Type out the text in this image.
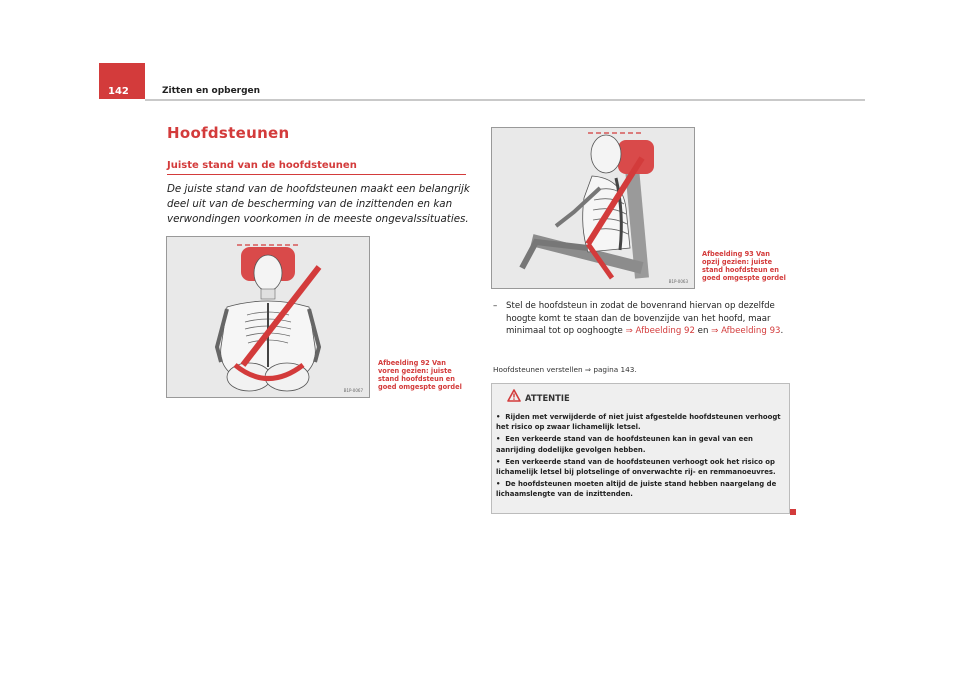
142	Zitten en opbergen
Hoofdsteunen
Juiste stand van de hoofdsteunen
De juiste stand van de hoofdsteunen maakt een belangrijk deel uit van de bescherming van de inzittenden en kan verwondingen voorkomen in de meeste ongevalssituaties.
B1P-0067
Afbeelding 92 Van voren gezien: juiste stand hoofdsteun en goed omgespte gordel
B1P-0063
Afbeelding 93 Van opzij gezien: juiste stand hoofdsteun en goed omgespte gordel
– Stel de hoofdsteun in zodat de bovenrand hiervan op dezelfde hoogte komt te staan dan de bovenzijde van het hoofd, maar minimaal tot op ooghoogte ⇒ Afbeelding 92 en ⇒ Afbeelding 93.
Hoofdsteunen verstellen ⇒ pagina 143.
ATTENTIE
•  Rijden met verwijderde of niet juist afgestelde hoofdsteunen verhoogt het risico op zwaar lichamelijk letsel.
•  Een verkeerde stand van de hoofdsteunen kan in geval van een aanrijding dodelijke gevolgen hebben.
•  Een verkeerde stand van de hoofdsteunen verhoogt ook het risico op lichamelijk letsel bij plotselinge of onverwachte rij- en remmanoeuvres.
•  De hoofdsteunen moeten altijd de juiste stand hebben naargelang de lichaamslengte van de inzittenden.
